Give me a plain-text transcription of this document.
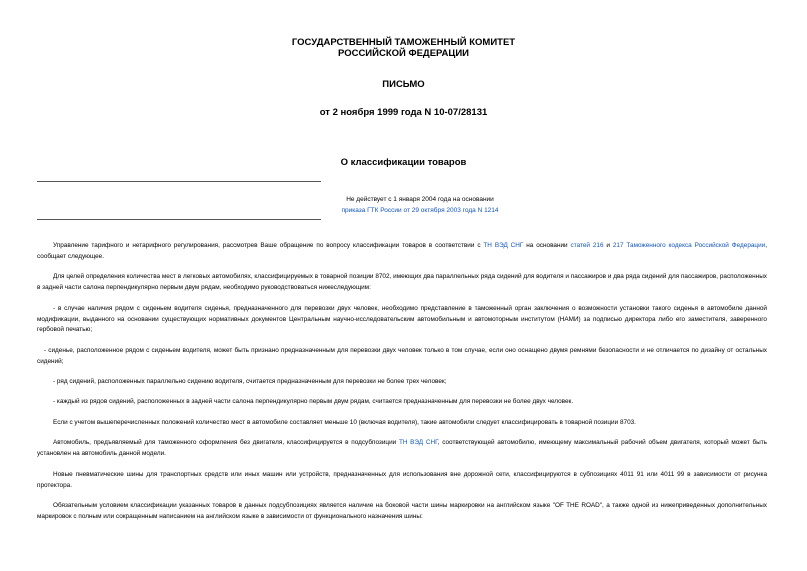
ГОСУДАРСТВЕННЫЙ ТАМОЖЕННЫЙ КОМИТЕТ
РОССИЙСКОЙ ФЕДЕРАЦИИ
ПИСЬМО
от 2 ноября 1999 года N 10-07/28131
О классификации товаров
Не действует с 1 января 2004 года на основании
приказа ГТК России от 29 октября 2003 года N 1214
Управление тарифного и нетарифного регулирования, рассмотрев Ваше обращение по вопросу классификации товаров в соответствии с ТН ВЭД СНГ на основании статей 216 и 217 Таможенного кодекса Российской Федерации, сообщает следующее.
Для целей определения количества мест в легковых автомобилях, классифицируемых в товарной позиции 8702, имеющих два параллельных ряда сидений для водителя и пассажиров и два ряда сидений для пассажиров, расположенных в задней части салона перпендикулярно первым двум рядам, необходимо руководствоваться нижеследующим:
- в случае наличия рядом с сиденьем водителя сиденья, предназначенного для перевозки двух человек, необходимо представление в таможенный орган заключения о возможности установки такого сиденья в автомобиле данной модификации, выданного на основании существующих нормативных документов Центральным научно-исследовательским автомобильным и автомоторным институтом (НАМИ) за подписью директора либо его заместителя, заверенного гербовой печатью;
- сиденье, расположенное рядом с сиденьем водителя, может быть признано предназначенным для перевозки двух человек только в том случае, если оно оснащено двумя ремнями безопасности и не отличается по дизайну от остальных сидений;
- ряд сидений, расположенных параллельно сидению водителя, считается предназначенным для перевозки не более трех человек;
- каждый из рядов сидений, расположенных в задней части салона перпендикулярно первым двум рядам, считается предназначенным для перевозки не более двух человек.
Если с учетом вышеперечисленных положений количество мест в автомобиле составляет меньше 10 (включая водителя), такие автомобили следует классифицировать в товарной позиции 8703.
Автомобиль, предъявляемый для таможенного оформления без двигателя, классифицируется в подсубпозиции ТН ВЭД СНГ, соответствующей автомобилю, имеющему максимальный рабочий объем двигателя, который может быть установлен на автомобиль данной модели.
Новые пневматические шины для транспортных средств или иных машин или устройств, предназначенных для использования вне дорожной сети, классифицируются в субпозициях 4011 91 или 4011 99 в зависимости от рисунка протектора.
Обязательным условием классификации указанных товаров в данных подсубпозициях является наличие на боковой части шины маркировки на английском языке "OF THE ROAD", а также одной из нижеприведенных дополнительных маркировок с полным или сокращенным написанием на английском языке в зависимости от функционального назначения шины:
